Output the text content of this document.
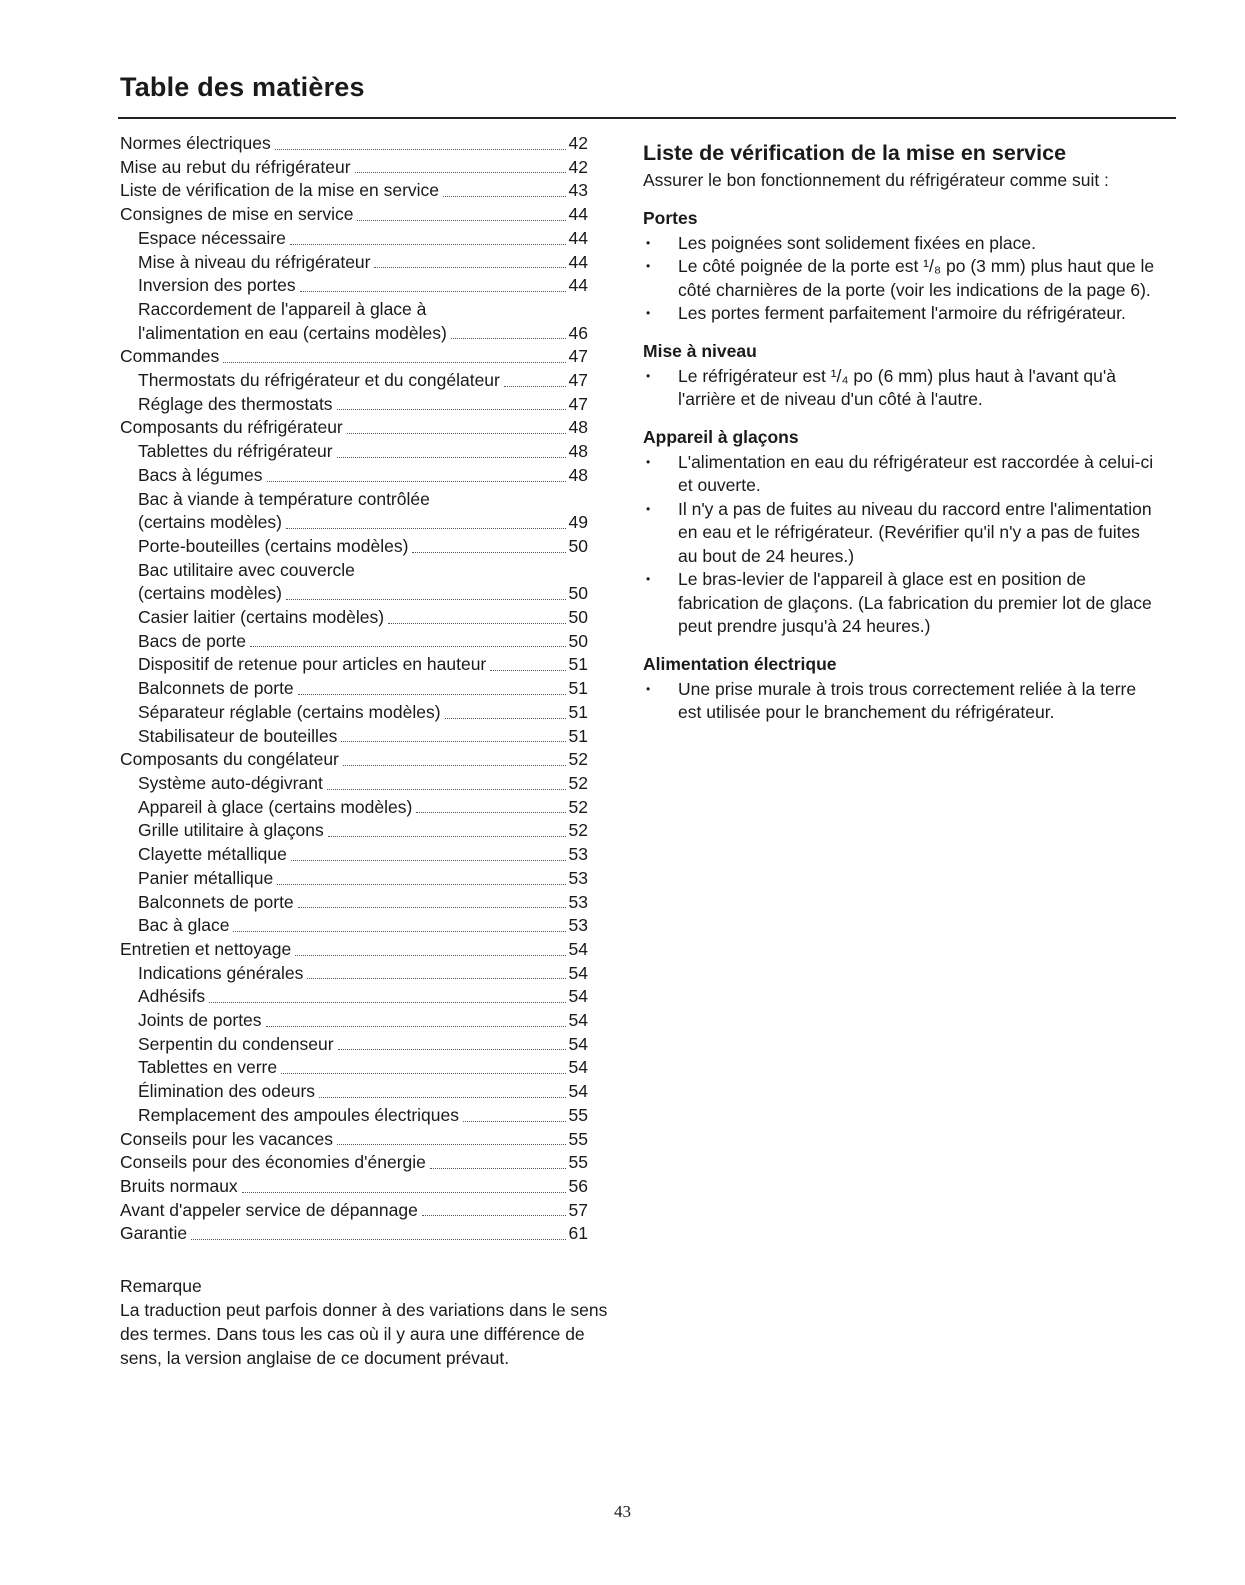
Table des matières
Normes électriques	42
Mise au rebut du réfrigérateur	42
Liste de vérification de la mise en service	43
Consignes de mise en service	44
Espace nécessaire	44
Mise à niveau du réfrigérateur	44
Inversion des portes	44
Raccordement de l'appareil à glace à
l'alimentation en eau (certains modèles)	46
Commandes	47
Thermostats du réfrigérateur et du congélateur	47
Réglage des thermostats	47
Composants du réfrigérateur	48
Tablettes du réfrigérateur	48
Bacs à légumes	48
Bac à viande à température contrôlée
(certains modèles)	49
Porte-bouteilles (certains modèles)	50
Bac utilitaire avec couvercle
(certains modèles)	50
Casier laitier (certains modèles)	50
Bacs de porte	50
Dispositif de retenue pour articles en hauteur	51
Balconnets de porte	51
Séparateur réglable (certains modèles)	51
Stabilisateur de bouteilles	51
Composants du congélateur	52
Système auto-dégivrant	52
Appareil à glace (certains modèles)	52
Grille utilitaire à glaçons	52
Clayette métallique	53
Panier métallique	53
Balconnets de porte	53
Bac à glace	53
Entretien et nettoyage	54
Indications générales	54
Adhésifs	54
Joints de portes	54
Serpentin du condenseur	54
Tablettes en verre	54
Élimination des odeurs	54
Remplacement des ampoules électriques	55
Conseils pour les vacances	55
Conseils pour des économies d'énergie	55
Bruits normaux	56
Avant d'appeler service de dépannage	57
Garantie	61

Remarque

La traduction peut parfois donner à des variations dans le sens des termes. Dans tous les cas où il y aura une différence de sens, la version anglaise de ce document prévaut.

Liste de vérification de la mise en service

Assurer le bon fonctionnement du réfrigérateur comme suit :

Portes
• Les poignées sont solidement fixées en place.
• Le côté poignée de la porte est ¹/₈ po (3 mm) plus haut que le côté charnières de la porte (voir les indications de la page 6).
• Les portes ferment parfaitement l'armoire du réfrigérateur.
Mise à niveau
• Le réfrigérateur est ¹/₄ po (6 mm) plus haut à l'avant qu'à l'arrière et de niveau d'un côté à l'autre.
Appareil à glaçons
• L'alimentation en eau du réfrigérateur est raccordée à celui-ci et ouverte.
• Il n'y a pas de fuites au niveau du raccord entre l'alimentation en eau et le réfrigérateur. (Revérifier qu'il n'y a pas de fuites au bout de 24 heures.)
• Le bras-levier de l'appareil à glace est en position de fabrication de glaçons. (La fabrication du premier lot de glace peut prendre jusqu'à 24 heures.)
Alimentation électrique
• Une prise murale à trois trous correctement reliée à la terre est utilisée pour le branchement du réfrigérateur.
43
